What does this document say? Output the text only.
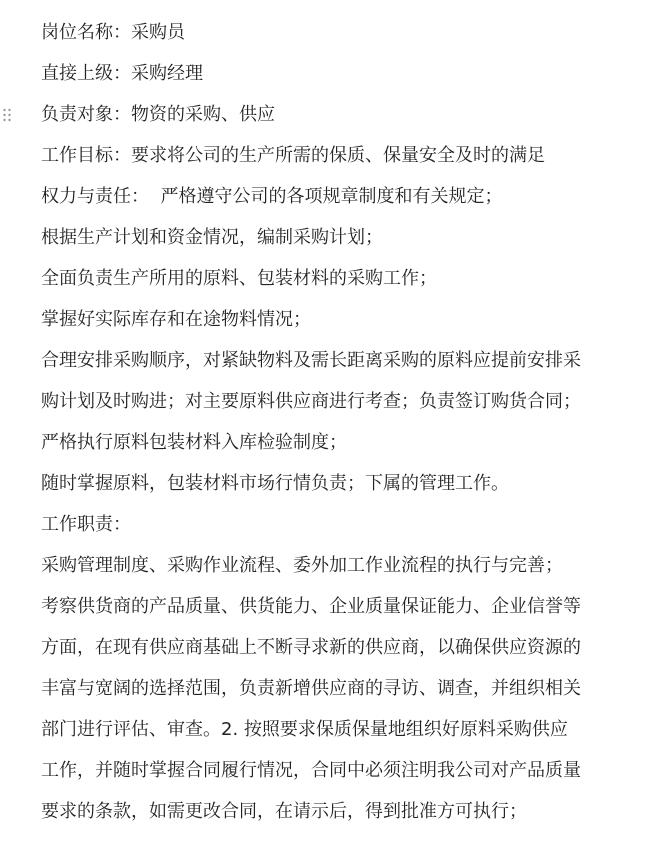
岗位名称：采购员
直接上级：采购经理
负责对象：物资的采购、供应
工作目标：要求将公司的生产所需的保质、保量安全及时的满足
权力与责任：  严格遵守公司的各项规章制度和有关规定；
根据生产计划和资金情况，编制采购计划；
全面负责生产所用的原料、包装材料的采购工作；
掌握好实际库存和在途物料情况；
合理安排采购顺序，对紧缺物料及需长距离采购的原料应提前安排采
购计划及时购进；对主要原料供应商进行考查；负责签订购货合同；
严格执行原料包装材料入库检验制度；
随时掌握原料，包装材料市场行情负责；下属的管理工作。
工作职责：
采购管理制度、采购作业流程、委外加工作业流程的执行与完善；
考察供货商的产品质量、供货能力、企业质量保证能力、企业信誉等
方面，在现有供应商基础上不断寻求新的供应商，以确保供应资源的
丰富与宽阔的选择范围，负责新增供应商的寻访、调查，并组织相关
部门进行评估、审查。2. 按照要求保质保量地组织好原料采购供应
工作，并随时掌握合同履行情况，合同中必须注明我公司对产品质量
要求的条款，如需更改合同，在请示后，得到批准方可执行；
